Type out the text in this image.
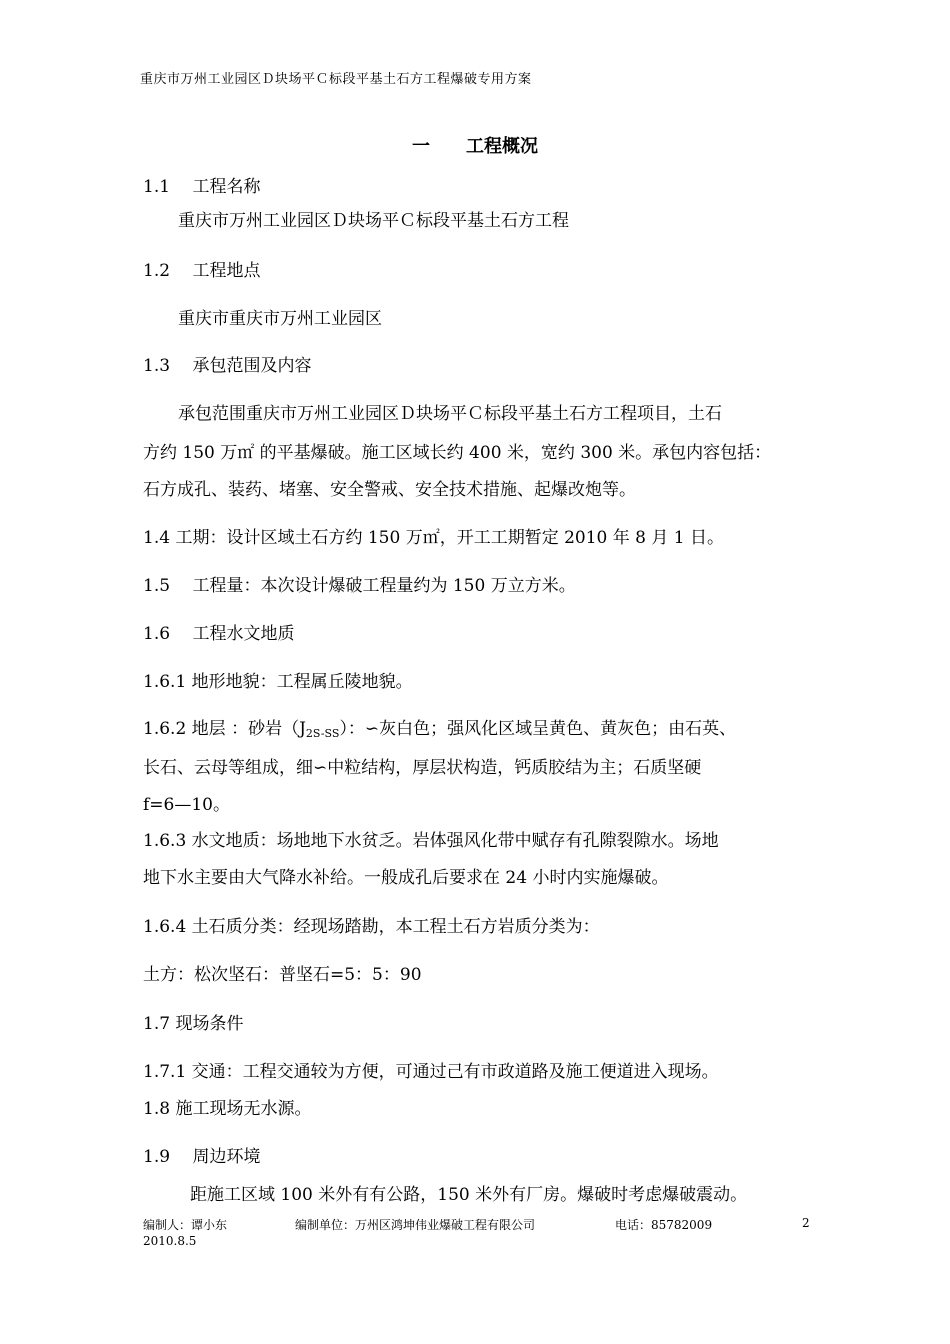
重庆市万州工业园区Ｄ块场平Ｃ标段平基土石方工程爆破专用方案
一 工程概况
1.1　 工程名称
重庆市万州工业园区Ｄ块场平Ｃ标段平基土石方工程
1.2　 工程地点
重庆市重庆市万州工业园区
1.3　 承包范围及内容
承包范围重庆市万州工业园区Ｄ块场平Ｃ标段平基土石方工程项目，土石
方约 150 万㎡ 的平基爆破。施工区域长约 400 米，宽约 300 米。承包内容包括：
石方成孔、装药、堵塞、安全警戒、安全技术措施、起爆改炮等。
1.4 工期：设计区域土石方约 150 万㎡，开工工期暂定 2010 年 8 月 1 日。
1.5　 工程量：本次设计爆破工程量约为 150 万立方米。
1.6　 工程水文地质
1.6.1 地形地貌：工程属丘陵地貌。
1.6.2 地层 ：砂岩$(J_{2S-SS})$：∽灰白色；强风化区域呈黄色、黄灰色；由石英、
长石、云母等组成，细∽中粒结构，厚层状构造，钙质胶结为主；石质坚硬
f=6—10。
1.6.3 水文地质：场地地下水贫乏。岩体强风化带中赋存有孔隙裂隙水。场地
地下水主要由大气降水补给。一般成孔后要求在 24 小时内实施爆破。
1.6.4 土石质分类：经现场踏勘，本工程土石方岩质分类为：
土方：松次坚石：普坚石=5：5：90
1.7 现场条件
1.7.1 交通：工程交通较为方便，可通过己有市政道路及施工便道进入现场。
1.8 施工现场无水源。
1.9　 周边环境
距施工区域 100 米外有有公路，150 米外有厂房。爆破时考虑爆破震动。
编制人：谭小东	编制单位：万州区鸿坤伟业爆破工程有限公司	电话：85782009	2
2010.8.5
